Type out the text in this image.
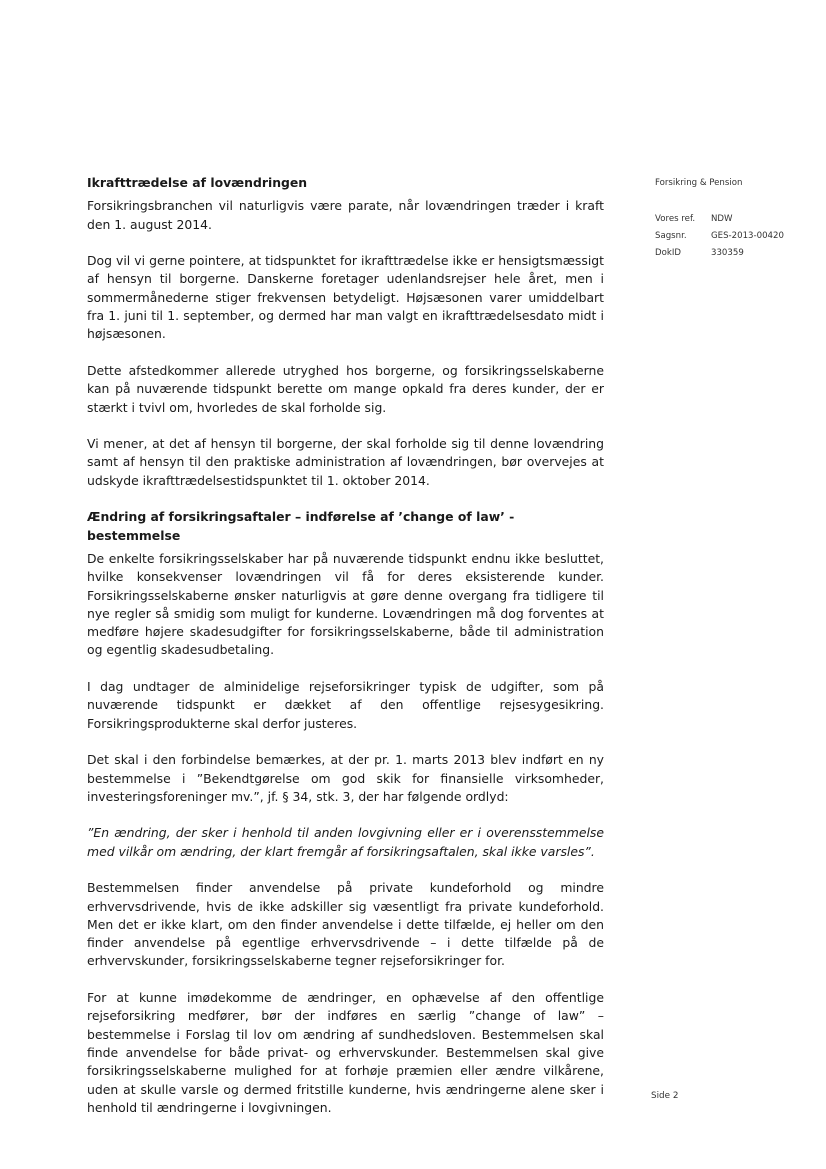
Forsikring & Pension
Vores ref.	NDW
Sagsnr.	GES-2013-00420
DokID	330359
Ikrafttrædelse af lovændringen

Forsikringsbranchen vil naturligvis være parate, når lovændringen træder i kraft den 1. august 2014.

Dog vil vi gerne pointere, at tidspunktet for ikrafttrædelse ikke er hensigtsmæssigt af hensyn til borgerne. Danskerne foretager udenlandsrejser hele året, men i sommermånederne stiger frekvensen betydeligt. Højsæsonen varer umiddelbart fra 1. juni til 1. september, og dermed har man valgt en ikrafttrædelsesdato midt i højsæsonen.

Dette afstedkommer allerede utryghed hos borgerne, og forsikringsselskaberne kan på nuværende tidspunkt berette om mange opkald fra deres kunder, der er stærkt i tvivl om, hvorledes de skal forholde sig.

Vi mener, at det af hensyn til borgerne, der skal forholde sig til denne lovændring samt af hensyn til den praktiske administration af lovændringen, bør overvejes at udskyde ikrafttrædelsestidspunktet til 1. oktober 2014.

Ændring af forsikringsaftaler – indførelse af ’change of law’ - bestemmelse

De enkelte forsikringsselskaber har på nuværende tidspunkt endnu ikke besluttet, hvilke konsekvenser lovændringen vil få for deres eksisterende kunder. Forsikringsselskaberne ønsker naturligvis at gøre denne overgang fra tidligere til nye regler så smidig som muligt for kunderne. Lovændringen må dog forventes at medføre højere skadesudgifter for forsikringsselskaberne, både til administration og egentlig skadesudbetaling.

I dag undtager de alminidelige rejseforsikringer typisk de udgifter, som på nuværende tidspunkt er dækket af den offentlige rejsesygesikring. Forsikringsprodukterne skal derfor justeres.

Det skal i den forbindelse bemærkes, at der pr. 1. marts 2013 blev indført en ny bestemmelse i ”Bekendtgørelse om god skik for finansielle virksomheder, investeringsforeninger mv.”, jf. § 34, stk. 3, der har følgende ordlyd:

”En ændring, der sker i henhold til anden lovgivning eller er i overensstemmelse med vilkår om ændring, der klart fremgår af forsikringsaftalen, skal ikke varsles”.

Bestemmelsen finder anvendelse på private kundeforhold og mindre erhvervsdrivende, hvis de ikke adskiller sig væsentligt fra private kundeforhold. Men det er ikke klart, om den finder anvendelse i dette tilfælde, ej heller om den finder anvendelse på egentlige erhvervsdrivende – i dette tilfælde på de erhvervskunder, forsikringsselskaberne tegner rejseforsikringer for.

For at kunne imødekomme de ændringer, en ophævelse af den offentlige rejseforsikring medfører, bør der indføres en særlig ”change of law” – bestemmelse i Forslag til lov om ændring af sundhedsloven. Bestemmelsen skal finde anvendelse for både privat- og erhvervskunder. Bestemmelsen skal give forsikringsselskaberne mulighed for at forhøje præmien eller ændre vilkårene, uden at skulle varsle og dermed fritstille kunderne, hvis ændringerne alene sker i henhold til ændringerne i lovgivningen.

Side 2
